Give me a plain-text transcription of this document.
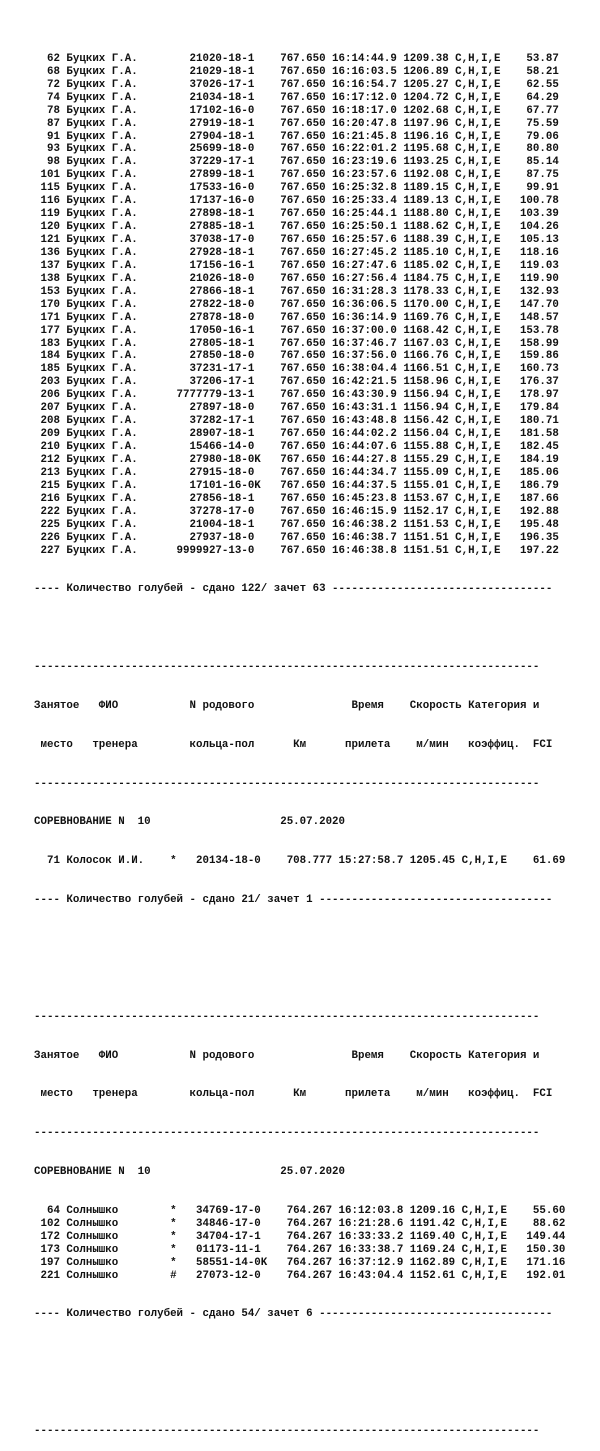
62 Буцких Г.А.        21020-18-1    767.650 16:14:44.9 1209.38 C,H,I,E    53.87
68 Буцких Г.А.        21029-18-1    767.650 16:16:03.5 1206.89 C,H,I,E    58.21
72 Буцких Г.А.        37026-17-1    767.650 16:16:54.7 1205.27 C,H,I,E    62.55
74 Буцких Г.А.        21034-18-1    767.650 16:17:12.0 1204.72 C,H,I,E    64.29
78 Буцких Г.А.        17102-16-0    767.650 16:18:17.0 1202.68 C,H,I,E    67.77
87 Буцких Г.А.        27919-18-1    767.650 16:20:47.8 1197.96 C,H,I,E    75.59
91 Буцких Г.А.        27904-18-1    767.650 16:21:45.8 1196.16 C,H,I,E    79.06
93 Буцких Г.А.        25699-18-0    767.650 16:22:01.2 1195.68 C,H,I,E    80.80
98 Буцких Г.А.        37229-17-1    767.650 16:23:19.6 1193.25 C,H,I,E    85.14
101 Буцких Г.А.        27899-18-1    767.650 16:23:57.6 1192.08 C,H,I,E    87.75
115 Буцких Г.А.        17533-16-0    767.650 16:25:32.8 1189.15 C,H,I,E    99.91
116 Буцких Г.А.        17137-16-0    767.650 16:25:33.4 1189.13 C,H,I,E   100.78
119 Буцких Г.А.        27898-18-1    767.650 16:25:44.1 1188.80 C,H,I,E   103.39
120 Буцких Г.А.        27885-18-1    767.650 16:25:50.1 1188.62 C,H,I,E   104.26
121 Буцких Г.А.        37038-17-0    767.650 16:25:57.6 1188.39 C,H,I,E   105.13
136 Буцких Г.А.        27928-18-1    767.650 16:27:45.2 1185.10 C,H,I,E   118.16
137 Буцких Г.А.        17156-16-1    767.650 16:27:47.6 1185.02 C,H,I,E   119.03
138 Буцких Г.А.        21026-18-0    767.650 16:27:56.4 1184.75 C,H,I,E   119.90
153 Буцких Г.А.        27866-18-1    767.650 16:31:28.3 1178.33 C,H,I,E   132.93
170 Буцких Г.А.        27822-18-0    767.650 16:36:06.5 1170.00 C,H,I,E   147.70
171 Буцких Г.А.        27878-18-0    767.650 16:36:14.9 1169.76 C,H,I,E   148.57
177 Буцких Г.А.        17050-16-1    767.650 16:37:00.0 1168.42 C,H,I,E   153.78
183 Буцких Г.А.        27805-18-1    767.650 16:37:46.7 1167.03 C,H,I,E   158.99
184 Буцких Г.А.        27850-18-0    767.650 16:37:56.0 1166.76 C,H,I,E   159.86
185 Буцких Г.А.        37231-17-1    767.650 16:38:04.4 1166.51 C,H,I,E   160.73
203 Буцких Г.А.        37206-17-1    767.650 16:42:21.5 1158.96 C,H,I,E   176.37
206 Буцких Г.А.      7777779-13-1    767.650 16:43:30.9 1156.94 C,H,I,E   178.97
207 Буцких Г.А.        27897-18-0    767.650 16:43:31.1 1156.94 C,H,I,E   179.84
208 Буцких Г.А.        37282-17-1    767.650 16:43:48.8 1156.42 C,H,I,E   180.71
209 Буцких Г.А.        28907-18-1    767.650 16:44:02.2 1156.04 C,H,I,E   181.58
210 Буцких Г.А.        15466-14-0    767.650 16:44:07.6 1155.88 C,H,I,E   182.45
212 Буцких Г.А.        27980-18-0K   767.650 16:44:27.8 1155.29 C,H,I,E   184.19
213 Буцких Г.А.        27915-18-0    767.650 16:44:34.7 1155.09 C,H,I,E   185.06
215 Буцких Г.А.        17101-16-0K   767.650 16:44:37.5 1155.01 C,H,I,E   186.79
216 Буцких Г.А.        27856-18-1    767.650 16:45:23.8 1153.67 C,H,I,E   187.66
222 Буцких Г.А.        37278-17-0    767.650 16:46:15.9 1152.17 C,H,I,E   192.88
225 Буцких Г.А.        21004-18-1    767.650 16:46:38.2 1151.53 C,H,I,E   195.48
226 Буцких Г.А.        27937-18-0    767.650 16:46:38.7 1151.51 C,H,I,E   196.35
227 Буцких Г.А.      9999927-13-0    767.650 16:46:38.8 1151.51 C,H,I,E   197.22

---- Количество голубей - сдано 122/ зачет 63 ----------------------------------

------------------------------------------------------------------------------

Занятое   ФИО           N родового               Время    Скорость Категория и

место   тренера        кольца-пол      Км      прилета    м/мин   коэффиц.  FCI

------------------------------------------------------------------------------

СОРЕВНОВАНИЕ N  10                    25.07.2020

71 Колосок И.И.    *   20134-18-0    708.777 15:27:58.7 1205.45 C,H,I,E    61.69

---- Количество голубей - сдано 21/ зачет 1 ------------------------------------

------------------------------------------------------------------------------

Занятое   ФИО           N родового               Время    Скорость Категория и

место   тренера        кольца-пол      Км      прилета    м/мин   коэффиц.  FCI

------------------------------------------------------------------------------

СОРЕВНОВАНИЕ N  10                    25.07.2020

64 Солнышко        *   34769-17-0    764.267 16:12:03.8 1209.16 C,H,I,E    55.60
102 Солнышко        *   34846-17-0    764.267 16:21:28.6 1191.42 C,H,I,E    88.62
172 Солнышко        *   34704-17-1    764.267 16:33:33.2 1169.40 C,H,I,E   149.44
173 Солнышко        *   01173-11-1    764.267 16:33:38.7 1169.24 C,H,I,E   150.30
197 Солнышко        *   58551-14-0K   764.267 16:37:12.9 1162.89 C,H,I,E   171.16
221 Солнышко        #   27073-12-0    764.267 16:43:04.4 1152.61 C,H,I,E   192.01

---- Количество голубей - сдано 54/ зачет 6 ------------------------------------

------------------------------------------------------------------------------
